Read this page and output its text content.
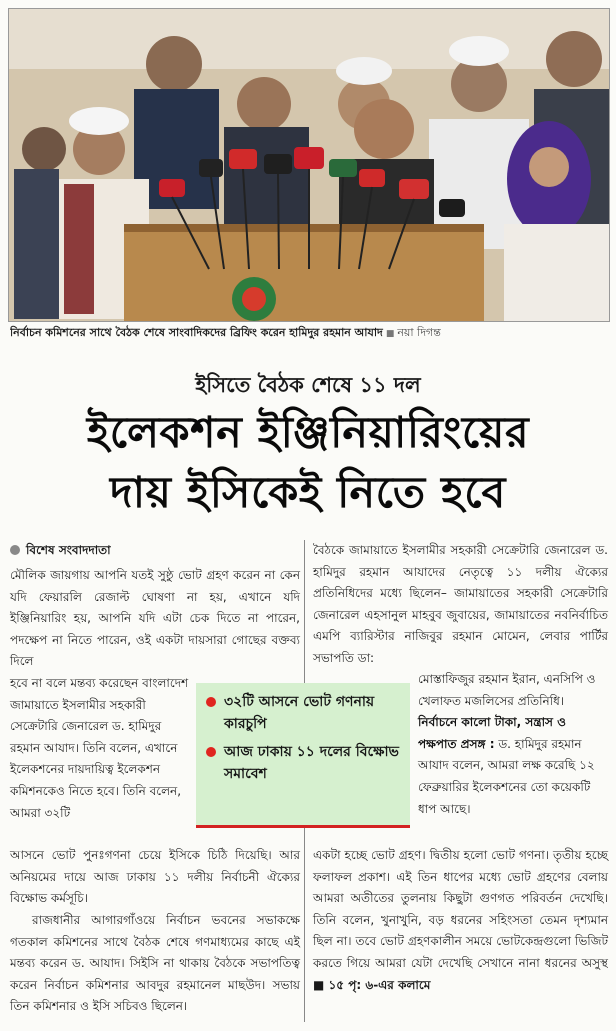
নির্বাচন কমিশনের সাথে বৈঠক শেষে সাংবাদিকদের ব্রিফিং করেন হামিদুর রহমান আযাদ ■ নয়া দিগন্ত
ইসিতে বৈঠক শেষে ১১ দল
ইলেকশন ইঞ্জিনিয়ারিংয়ের
দায় ইসিকেই নিতে হবে
বিশেষ সংবাদদাতা
মৌলিক জায়গায় আপনি যতই সুষ্ঠু ভোট গ্রহণ করেন না কেন যদি ফেয়ারলি রেজাল্ট ঘোষণা না হয়, এখানে যদি ইঞ্জিনিয়ারিং হয়, আপনি যদি এটা চেক দিতে না পারেন, পদক্ষেপ না নিতে পারেন, ওই একটা দায়সারা গোছের বক্তব্য দিলে
হবে না বলে মন্তব্য করেছেন বাংলাদেশ জামায়াতে ইসলামীর সহকারী সেক্রেটারি জেনারেল ড. হামিদুর রহমান আযাদ। তিনি বলেন, এখানে ইলেকশনের দায়দায়িত্ব ইলেকশন কমিশনকেও নিতে হবে। তিনি বলেন, আমরা ৩২টি
আসনে ভোট পুনঃগণনা চেয়ে ইসিকে চিঠি দিয়েছি। আর অনিয়মের দায়ে আজ ঢাকায় ১১ দলীয় নির্বাচনী ঐক্যের বিক্ষোভ কর্মসূচি।
রাজধানীর আগারগাঁওয়ে নির্বাচন ভবনের সভাকক্ষে গতকাল কমিশনের সাথে বৈঠক শেষে গণমাধ্যমের কাছে এই মন্তব্য করেন ড. আযাদ। সিইসি না থাকায় বৈঠকে সভাপতিত্ব করেন নির্বাচন কমিশনার আবদুর রহমানেল মাছউদ। সভায় তিন কমিশনার ও ইসি সচিবও ছিলেন।
৩২টি আসনে ভোট গণনায় কারচুপি
আজ ঢাকায় ১১ দলের বিক্ষোভ সমাবেশ
বৈঠকে জামায়াতে ইসলামীর সহকারী সেক্রেটারি জেনারেল ড. হামিদুর রহমান আযাদের নেতৃত্বে ১১ দলীয় ঐক্যের প্রতিনিধিদের মধ্যে ছিলেন– জামায়াতের সহকারী সেক্রেটারি জেনারেল এহসানুল মাহবুব জুবায়ের, জামায়াতের নবনির্বাচিত এমপি ব্যারিস্টার নাজিবুর রহমান মোমেন, লেবার পার্টির সভাপতি ডা:
মোস্তাফিজুর রহমান ইরান, এনসিপি ও খেলাফত মজলিসের প্রতিনিধি।
নির্বাচনে কালো টাকা, সন্ত্রাস ও পক্ষপাত প্রসঙ্গ : ড. হামিদুর রহমান আযাদ বলেন, আমরা লক্ষ করেছি ১২ ফেব্রুয়ারির ইলেকশনের তো কয়েকটি ধাপ আছে।
একটা হচ্ছে ভোট গ্রহণ। দ্বিতীয় হলো ভোট গণনা। তৃতীয় হচ্ছে ফলাফল প্রকাশ। এই তিন ধাপের মধ্যে ভোট গ্রহণের বেলায় আমরা অতীতের তুলনায় কিছুটা গুণগত পরিবর্তন দেখেছি। তিনি বলেন, খুনাখুনি, বড় ধরনের সহিংসতা তেমন দৃশ্যমান ছিল না। তবে ভোট গ্রহণকালীন সময়ে ভোটকেন্দ্রগুলো ভিজিট করতে গিয়ে আমরা যেটা দেখেছি সেখানে নানা ধরনের অসুস্থ ■ ১৫ পৃ: ৬-এর কলামে
